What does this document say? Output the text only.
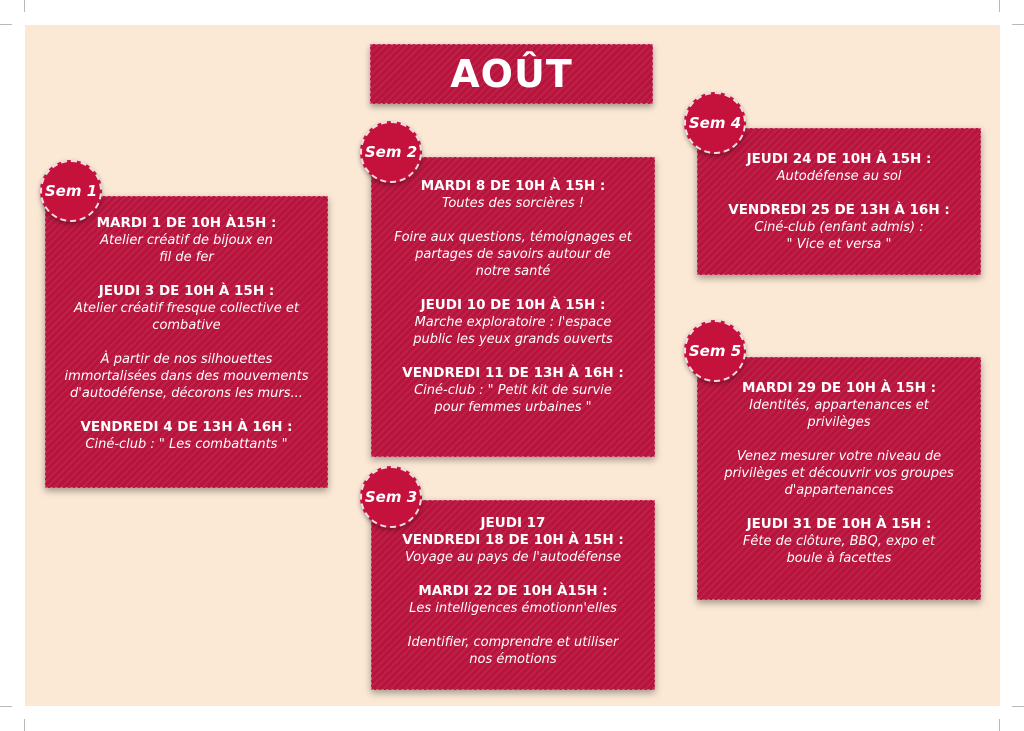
AOÛT
MARDI 1 DE 10H À15H :
Atelier créatif de bijoux en
fil de fer
JEUDI 3 DE 10H À 15H :
Atelier créatif fresque collective et
combative
À partir de nos silhouettes
immortalisées dans des mouvements
d'autodéfense, décorons les murs...
VENDREDI 4 DE 13H À 16H :
Ciné-club : " Les combattants "
Sem 1	MARDI 8 DE 10H À 15H :
Toutes des sorcières !
Foire aux questions, témoignages et
partages de savoirs autour de
notre santé
JEUDI 10 DE 10H À 15H :
Marche exploratoire : l'espace
public les yeux grands ouverts
VENDREDI 11 DE 13H À 16H :
Ciné-club : " Petit kit de survie
pour femmes urbaines "
Sem 2
JEUDI 17
VENDREDI 18 DE 10H À 15H :
Voyage au pays de l'autodéfense
MARDI 22 DE 10H À15H :
Les intelligences émotionn'elles
Identifier, comprendre et utiliser
nos émotions
Sem 3
JEUDI 24 DE 10H À 15H :
Autodéfense au sol
VENDREDI 25 DE 13H À 16H :
Ciné-club (enfant admis) :
" Vice et versa "
Sem 4
MARDI 29 DE 10H À 15H :
Identités, appartenances et
privilèges
Venez mesurer votre niveau de
privilèges et découvrir vos groupes
d'appartenances
JEUDI 31 DE 10H À 15H :
Fête de clôture, BBQ, expo et
boule à facettes
Sem 5
